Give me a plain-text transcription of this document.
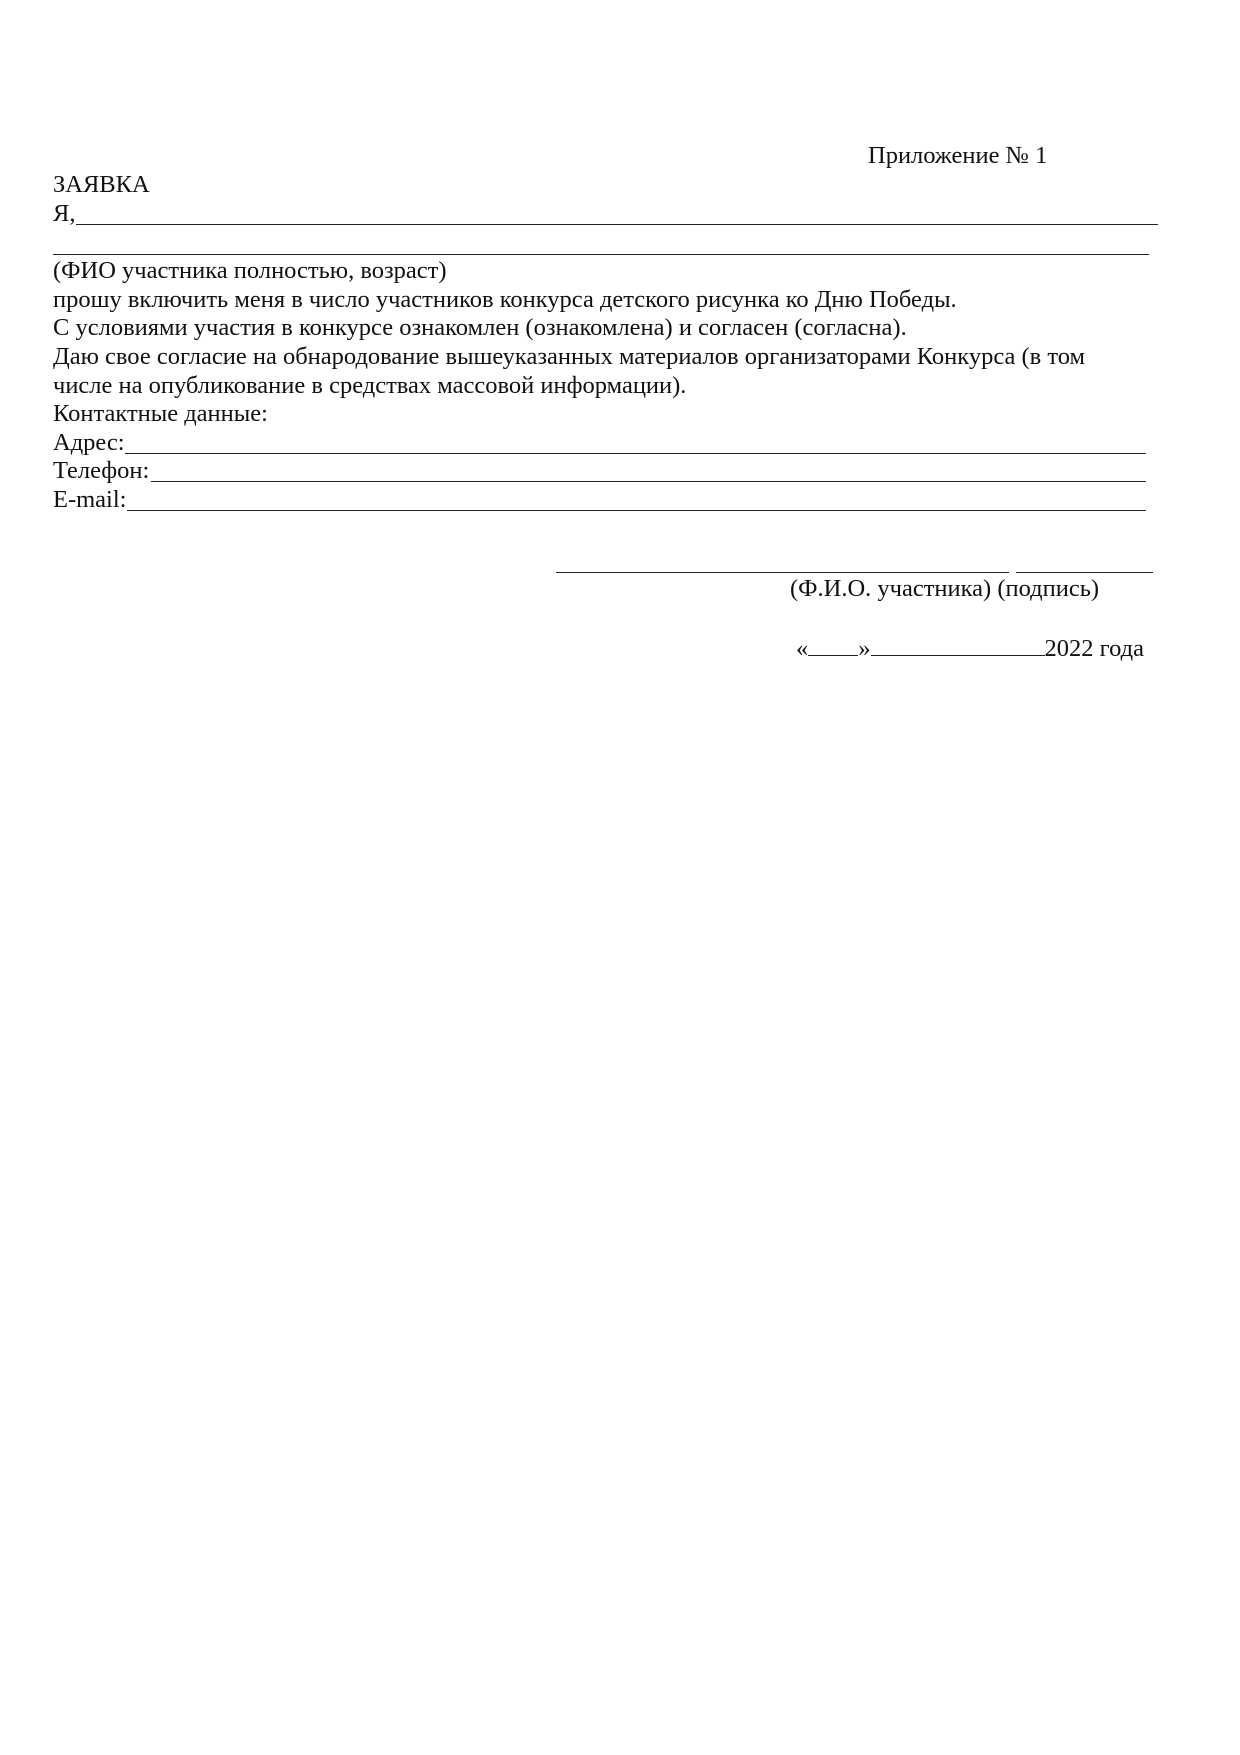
Приложение № 1
ЗАЯВКА
Я,
(ФИО участника полностью, возраст)
прошу включить меня в число участников конкурса детского рисунка ко Дню Победы.
С условиями участия в конкурсе ознакомлен (ознакомлена) и согласен (согласна).
Даю свое согласие на обнародование вышеуказанных материалов организаторами Конкурса (в том
числе на опубликование в средствах массовой информации).
Контактные данные:
Адрес:
Телефон:
E-mail:
(Ф.И.О. участника) (подпись)
« »	2022 года
